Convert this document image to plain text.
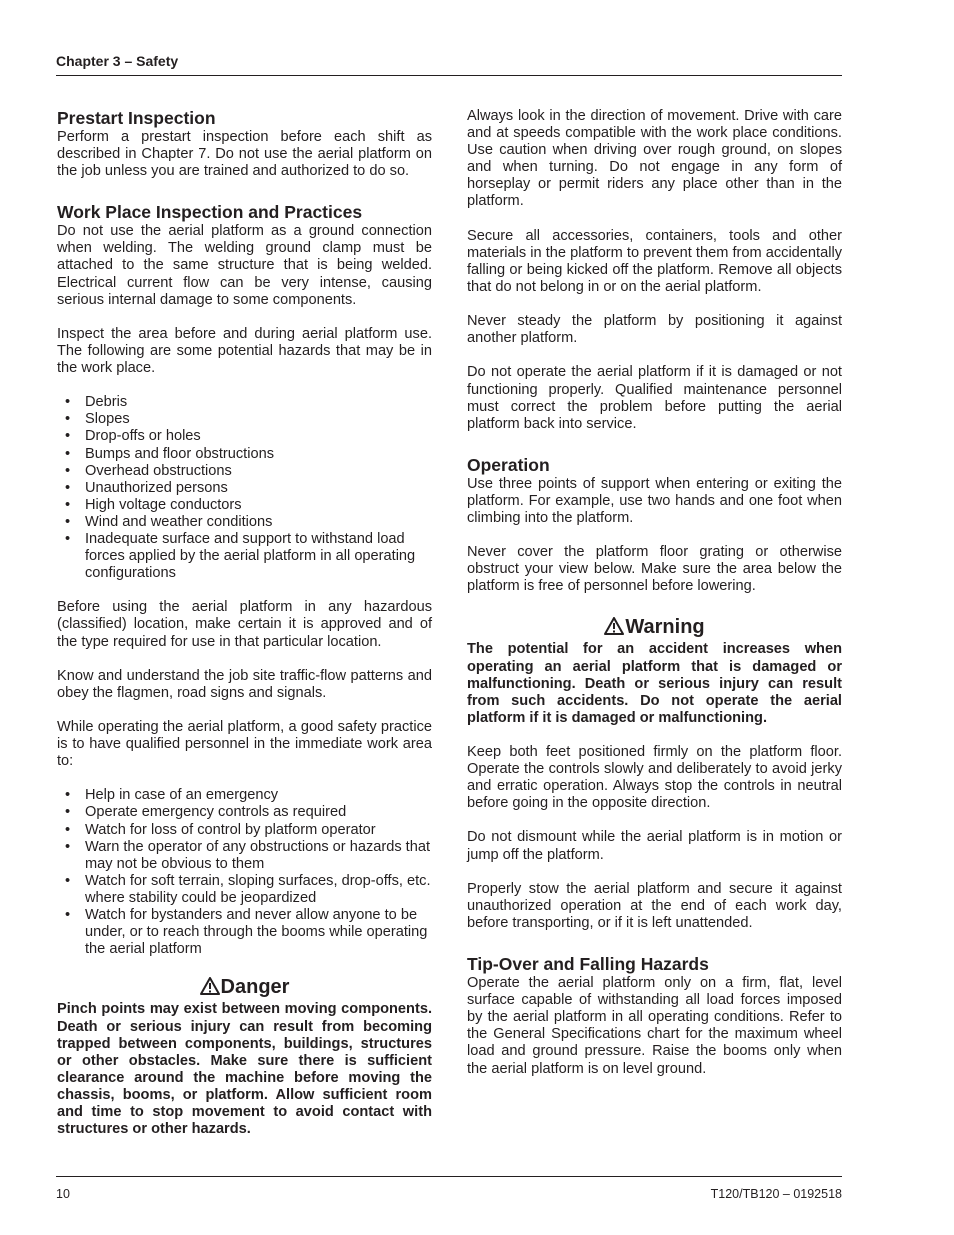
Chapter 3 – Safety
Prestart Inspection

Perform a prestart inspection before each shift as described in Chapter 7. Do not use the aerial platform on the job unless you are trained and authorized to do so.

Work Place Inspection and Practices

Do not use the aerial platform as a ground connection when welding. The welding ground clamp must be attached to the same structure that is being welded. Electrical current flow can be very intense, causing serious internal damage to some components.

Inspect the area before and during aerial platform use. The following are some potential hazards that may be in the work place.

• Debris
• Slopes
• Drop-offs or holes
• Bumps and floor obstructions
• Overhead obstructions
• Unauthorized persons
• High voltage conductors
• Wind and weather conditions
• Inadequate surface and support to withstand load forces applied by the aerial platform in all operating configurations

Before using the aerial platform in any hazardous (classified) location, make certain it is approved and of the type required for use in that particular location.

Know and understand the job site traffic-flow patterns and obey the flagmen, road signs and signals.

While operating the aerial platform, a good safety practice is to have qualified personnel in the immediate work area to:

• Help in case of an emergency
• Operate emergency controls as required
• Watch for loss of control by platform operator
• Warn the operator of any obstructions or hazards that may not be obvious to them
• Watch for soft terrain, sloping surfaces, drop-offs, etc. where stability could be jeopardized
• Watch for bystanders and never allow anyone to be under, or to reach through the booms while operating the aerial platform
Danger

Pinch points may exist between moving components. Death or serious injury can result from becoming trapped between components, buildings, structures or other obstacles. Make sure there is sufficient clearance around the machine before moving the chassis, booms, or platform. Allow sufficient room and time to stop movement to avoid contact with structures or other hazards.

Always look in the direction of movement. Drive with care and at speeds compatible with the work place conditions. Use caution when driving over rough ground, on slopes and when turning. Do not engage in any form of horseplay or permit riders any place other than in the platform.

Secure all accessories, containers, tools and other materials in the platform to prevent them from accidentally falling or being kicked off the platform. Remove all objects that do not belong in or on the aerial platform.

Never steady the platform by positioning it against another platform.

Do not operate the aerial platform if it is damaged or not functioning properly. Qualified maintenance personnel must correct the problem before putting the aerial platform back into service.

Operation

Use three points of support when entering or exiting the platform. For example, use two hands and one foot when climbing into the platform.

Never cover the platform floor grating or otherwise obstruct your view below. Make sure the area below the platform is free of personnel before lowering.

Warning

The potential for an accident increases when operating an aerial platform that is damaged or malfunctioning. Death or serious injury can result from such accidents. Do not operate the aerial platform if it is damaged or malfunctioning.

Keep both feet positioned firmly on the platform floor. Operate the controls slowly and deliberately to avoid jerky and erratic operation. Always stop the controls in neutral before going in the opposite direction.

Do not dismount while the aerial platform is in motion or jump off the platform.

Properly stow the aerial platform and secure it against unauthorized operation at the end of each work day, before transporting, or if it is left unattended.

Tip-Over and Falling Hazards

Operate the aerial platform only on a firm, flat, level surface capable of withstanding all load forces imposed by the aerial platform in all operating conditions. Refer to the General Specifications chart for the maximum wheel load and ground pressure. Raise the booms only when the aerial platform is on level ground.

10	T120/TB120 – 0192518
